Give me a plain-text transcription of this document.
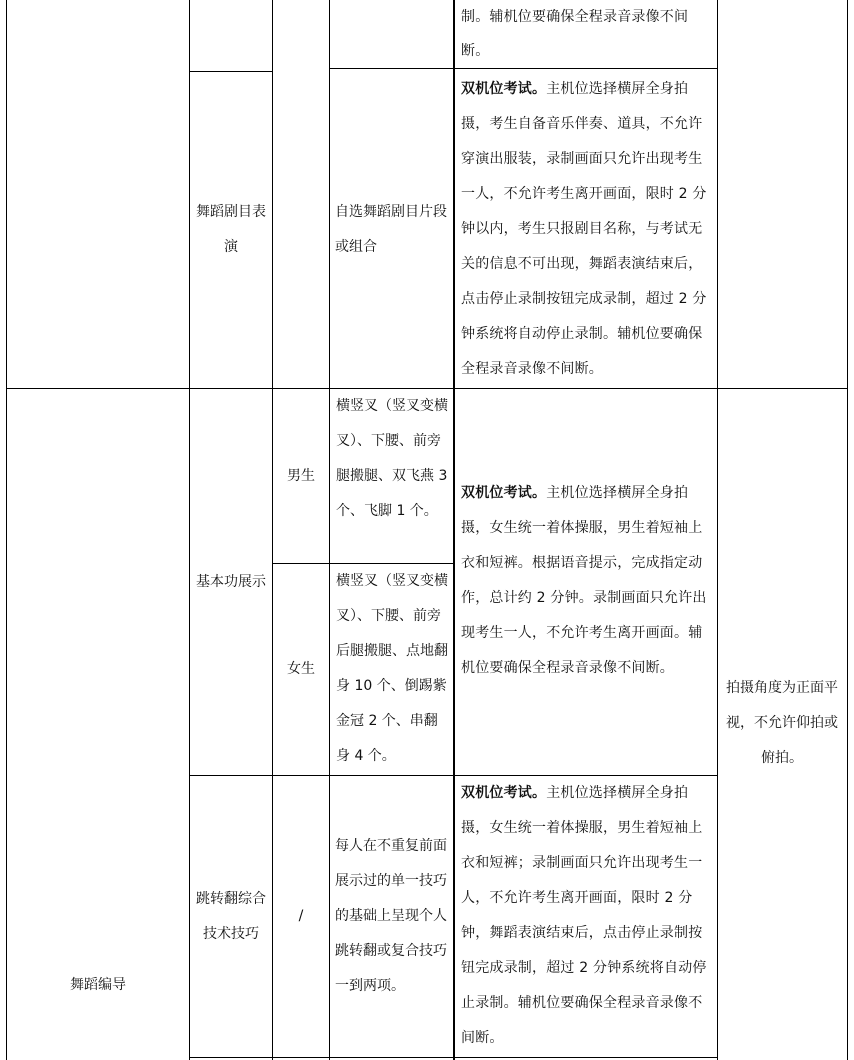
制。辅机位要确保全程录音录像不间断。
舞蹈剧目表演
自选舞蹈剧目片段或组合
双机位考试。主机位选择横屏全身拍摄，考生自备音乐伴奏、道具，不允许穿演出服装，录制画面只允许出现考生一人，不允许考生离开画面，限时 2 分钟以内，考生只报剧目名称，与考试无关的信息不可出现，舞蹈表演结束后，点击停止录制按钮完成录制，超过 2 分钟系统将自动停止录制。辅机位要确保全程录音录像不间断。
基本功展示
男生
横竖叉（竖叉变横叉）、下腰、前旁腿搬腿、双飞燕 3 个、飞脚 1 个。
女生
横竖叉（竖叉变横叉）、下腰、前旁后腿搬腿、点地翻身 10 个、倒踢紫金冠 2 个、串翻身 4 个。
双机位考试。主机位选择横屏全身拍摄，女生统一着体操服，男生着短袖上衣和短裤。根据语音提示，完成指定动作，总计约 2 分钟。录制画面只允许出现考生一人，不允许考生离开画面。辅机位要确保全程录音录像不间断。
跳转翻综合技术技巧
/
每人在不重复前面展示过的单一技巧的基础上呈现个人跳转翻或复合技巧一到两项。
双机位考试。主机位选择横屏全身拍摄，女生统一着体操服，男生着短袖上衣和短裤；录制画面只允许出现考生一人，不允许考生离开画面，限时 2 分钟，舞蹈表演结束后，点击停止录制按钮完成录制，超过 2 分钟系统将自动停止录制。辅机位要确保全程录音录像不间断。
舞蹈编导
拍摄角度为正面平视，不允许仰拍或俯拍。
